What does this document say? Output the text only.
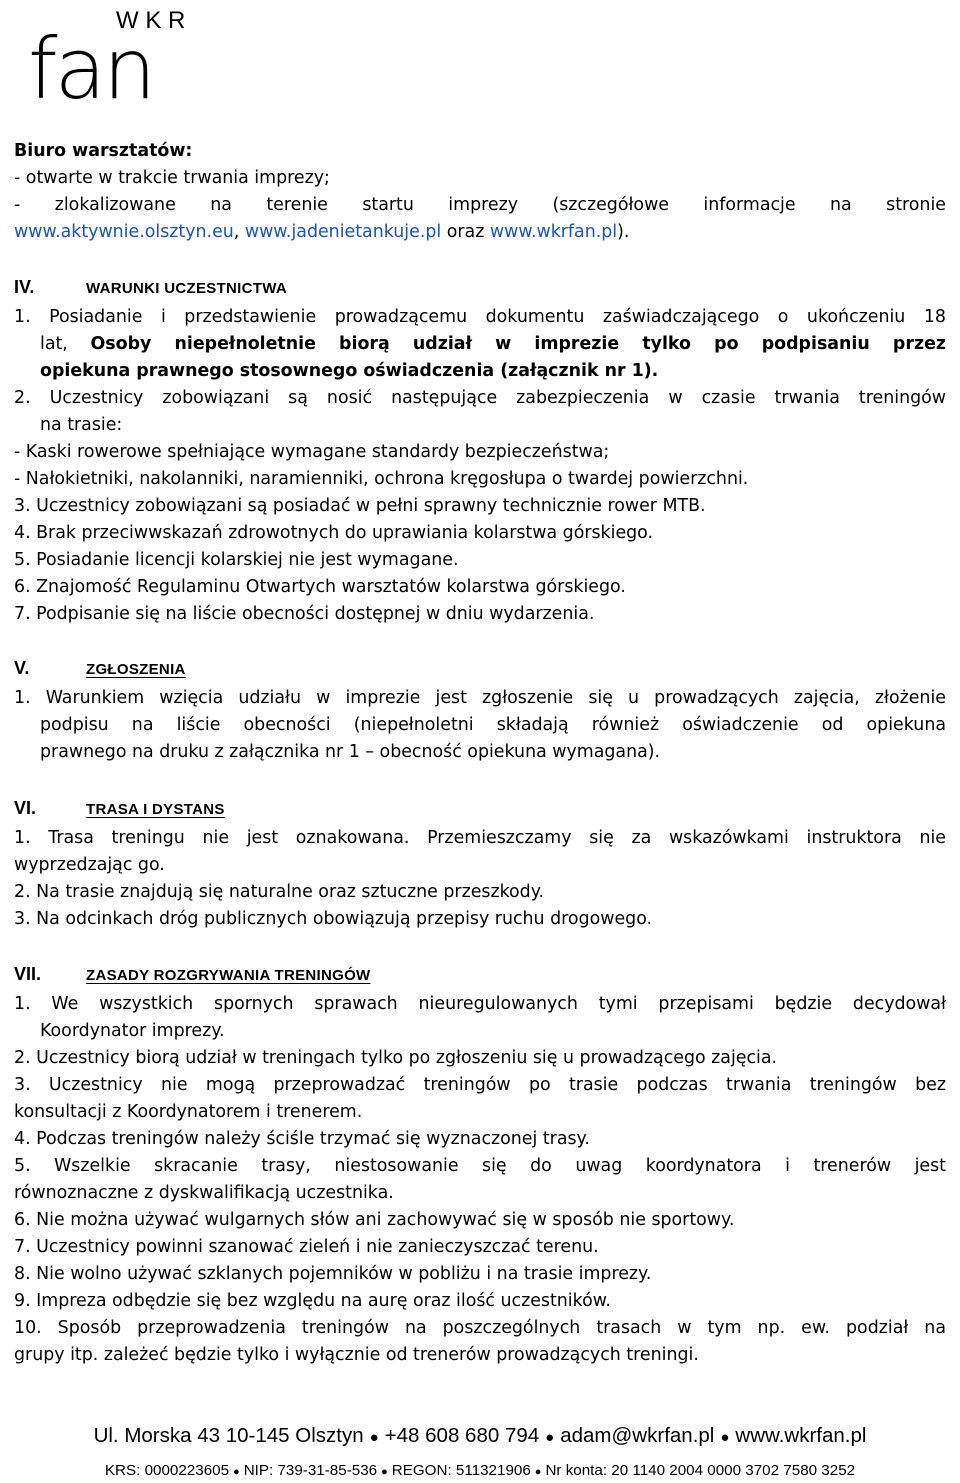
W K R
fan
Biuro warsztatów:
- otwarte w trakcie trwania imprezy;
- zlokalizowane na terenie startu imprezy (szczegółowe informacje na stronie
www.aktywnie.olsztyn.eu, www.jadenietankuje.pl oraz www.wkrfan.pl).
IV.	WARUNKI UCZESTNICTWA
1. Posiadanie i przedstawienie prowadzącemu dokumentu zaświadczającego o ukończeniu 18
lat, Osoby niepełnoletnie biorą udział w imprezie tylko po podpisaniu przez
opiekuna prawnego stosownego oświadczenia (załącznik nr 1).
2. Uczestnicy zobowiązani są nosić następujące zabezpieczenia w czasie trwania treningów
na trasie:
- Kaski rowerowe spełniające wymagane standardy bezpieczeństwa;
- Nałokietniki, nakolanniki, naramienniki, ochrona kręgosłupa o twardej powierzchni.
3. Uczestnicy zobowiązani są posiadać w pełni sprawny technicznie rower MTB.
4. Brak przeciwwskazań zdrowotnych do uprawiania kolarstwa górskiego.
5. Posiadanie licencji kolarskiej nie jest wymagane.
6. Znajomość Regulaminu Otwartych warsztatów kolarstwa górskiego.
7. Podpisanie się na liście obecności dostępnej w dniu wydarzenia.
V.	ZGŁOSZENIA
1. Warunkiem wzięcia udziału w imprezie jest zgłoszenie się u prowadzących zajęcia, złożenie
podpisu na liście obecności (niepełnoletni składają również oświadczenie od opiekuna
prawnego na druku z załącznika nr 1 – obecność opiekuna wymagana).
VI.	TRASA I DYSTANS
1. Trasa treningu nie jest oznakowana. Przemieszczamy się za wskazówkami instruktora nie
wyprzedzając go.
2. Na trasie znajdują się naturalne oraz sztuczne przeszkody.
3. Na odcinkach dróg publicznych obowiązują przepisy ruchu drogowego.
VII.	ZASADY ROZGRYWANIA TRENINGÓW
1. We wszystkich spornych sprawach nieuregulowanych tymi przepisami będzie decydował
Koordynator imprezy.
2. Uczestnicy biorą udział w treningach tylko po zgłoszeniu się u prowadzącego zajęcia.
3. Uczestnicy nie mogą przeprowadzać treningów po trasie podczas trwania treningów bez
konsultacji z Koordynatorem i trenerem.
4. Podczas treningów należy ściśle trzymać się wyznaczonej trasy.
5. Wszelkie skracanie trasy, niestosowanie się do uwag koordynatora i trenerów jest
równoznaczne z dyskwalifikacją uczestnika.
6. Nie można używać wulgarnych słów ani zachowywać się w sposób nie sportowy.
7. Uczestnicy powinni szanować zieleń i nie zanieczyszczać terenu.
8. Nie wolno używać szklanych pojemników w pobliżu i na trasie imprezy.
9. Impreza odbędzie się bez względu na aurę oraz ilość uczestników.
10. Sposób przeprowadzenia treningów na poszczególnych trasach w tym np. ew. podział na
grupy itp. zależeć będzie tylko i wyłącznie od trenerów prowadzących treningi.
Ul. Morska 43 10-145 Olsztyn ● +48 608 680 794 ● adam@wkrfan.pl ● www.wkrfan.pl
KRS: 0000223605 ● NIP: 739-31-85-536 ● REGON: 511321906 ● Nr konta: 20 1140 2004 0000 3702 7580 3252
